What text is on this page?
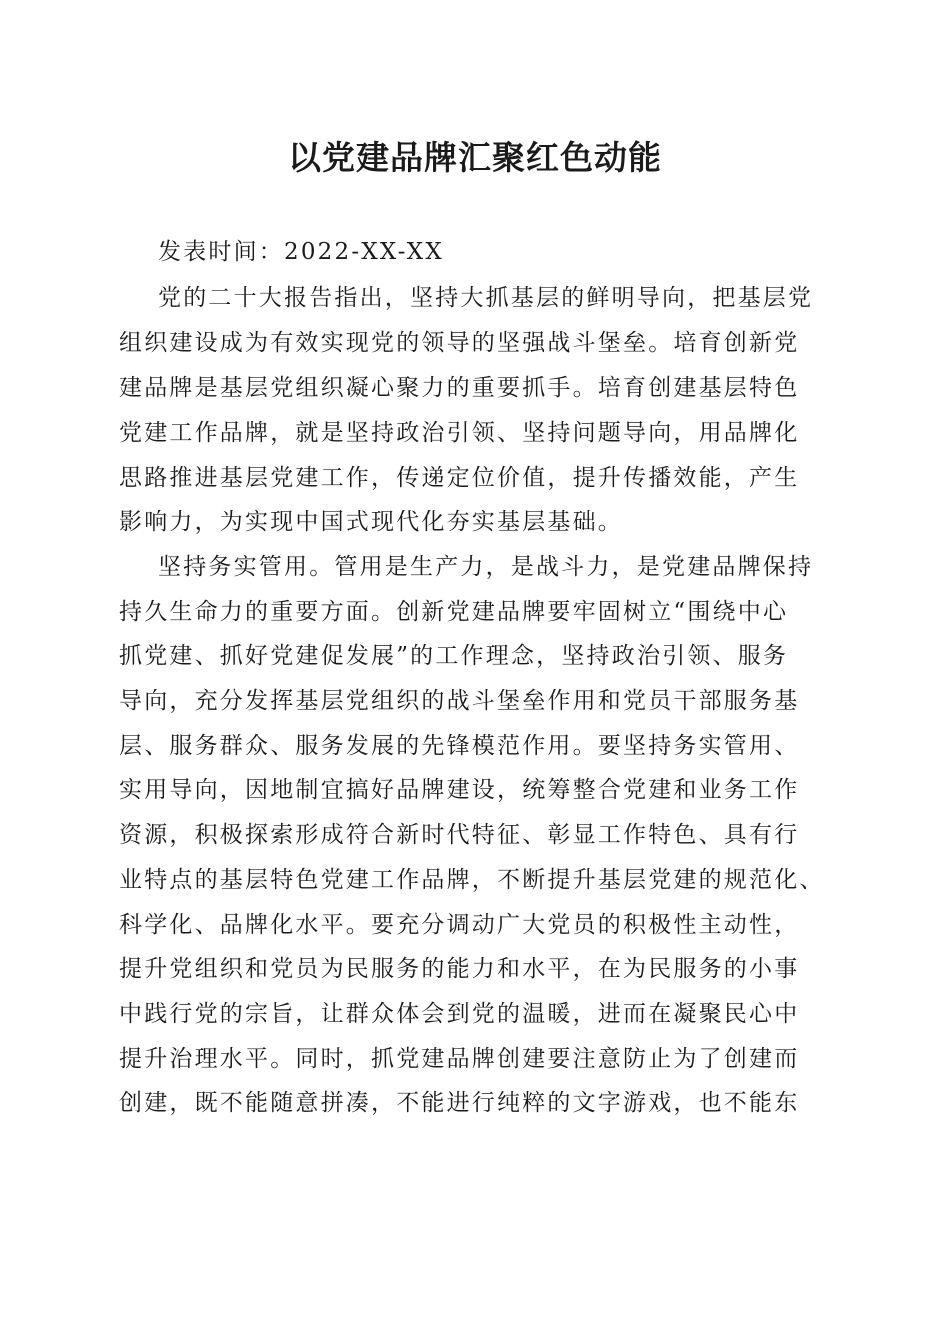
以党建品牌汇聚红色动能

发表时间：2022-XX-XX

党的二十大报告指出，坚持大抓基层的鲜明导向，把基层党

组织建设成为有效实现党的领导的坚强战斗堡垒。培育创新党

建品牌是基层党组织凝心聚力的重要抓手。培育创建基层特色

党建工作品牌，就是坚持政治引领、坚持问题导向，用品牌化

思路推进基层党建工作，传递定位价值，提升传播效能，产生

影响力，为实现中国式现代化夯实基层基础。

坚持务实管用。管用是生产力，是战斗力，是党建品牌保持

持久生命力的重要方面。创新党建品牌要牢固树立“围绕中心

抓党建、抓好党建促发展”的工作理念，坚持政治引领、服务

导向，充分发挥基层党组织的战斗堡垒作用和党员干部服务基

层、服务群众、服务发展的先锋模范作用。要坚持务实管用、

实用导向，因地制宜搞好品牌建设，统筹整合党建和业务工作

资源，积极探索形成符合新时代特征、彰显工作特色、具有行

业特点的基层特色党建工作品牌，不断提升基层党建的规范化、

科学化、品牌化水平。要充分调动广大党员的积极性主动性，

提升党组织和党员为民服务的能力和水平，在为民服务的小事

中践行党的宗旨，让群众体会到党的温暖，进而在凝聚民心中

提升治理水平。同时，抓党建品牌创建要注意防止为了创建而

创建，既不能随意拼凑，不能进行纯粹的文字游戏，也不能东
